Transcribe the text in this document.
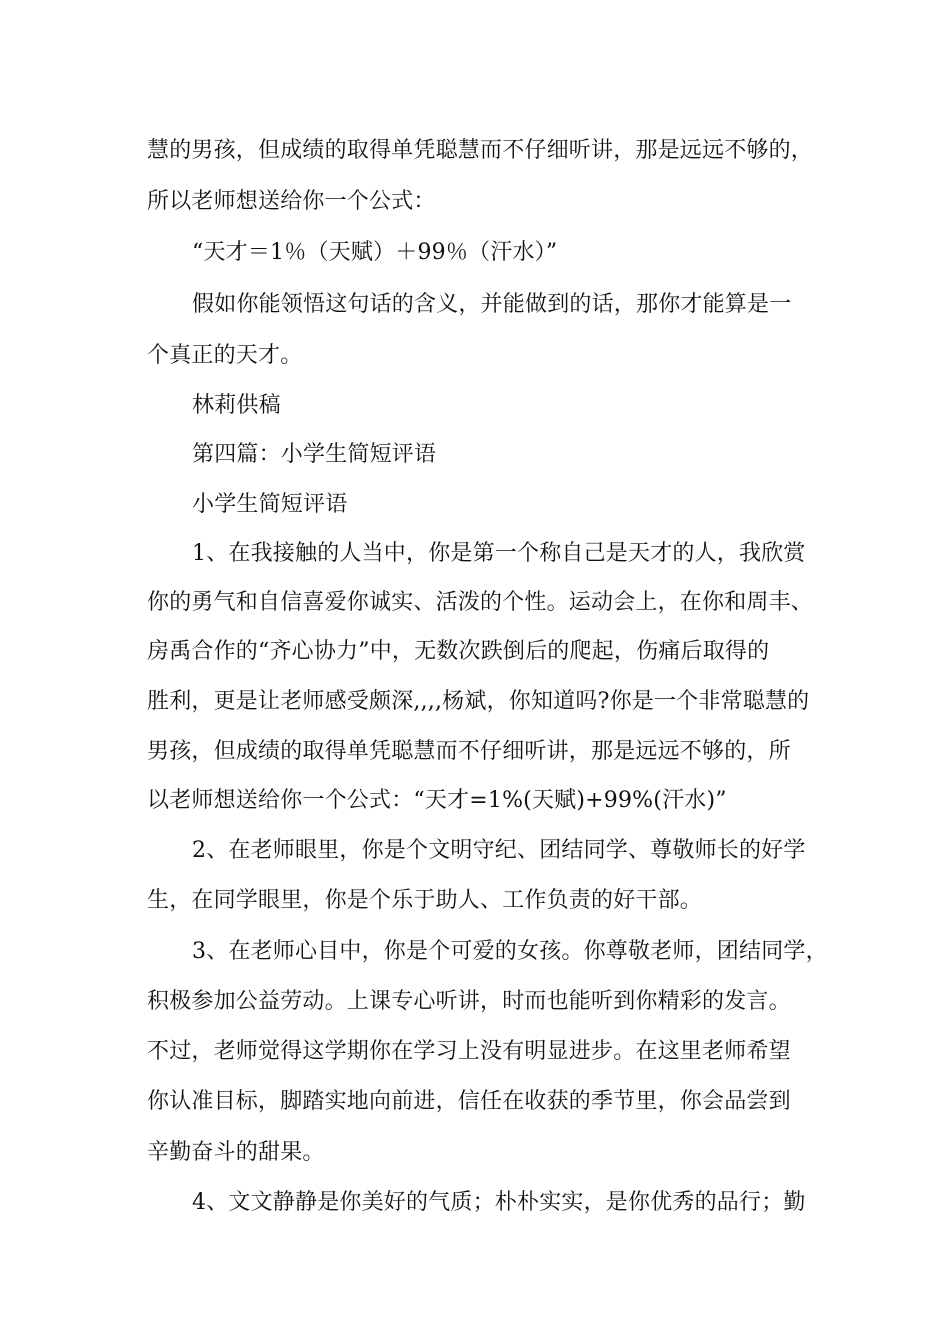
慧的男孩，但成绩的取得单凭聪慧而不仔细听讲，那是远远不够的，
所以老师想送给你一个公式：
“天才＝1％（天赋）＋99％（汗水）”
假如你能领悟这句话的含义，并能做到的话，那你才能算是一
个真正的天才。
林莉供稿
第四篇：小学生简短评语
小学生简短评语
1、在我接触的人当中，你是第一个称自己是天才的人，我欣赏
你的勇气和自信喜爱你诚实、活泼的个性。运动会上，在你和周丰、
房禹合作的“齐心协力”中，无数次跌倒后的爬起，伤痛后取得的
胜利，更是让老师感受颇深,,,,杨斌，你知道吗?你是一个非常聪慧的
男孩，但成绩的取得单凭聪慧而不仔细听讲，那是远远不够的，所
以老师想送给你一个公式：“天才=1%(天赋)+99%(汗水)”
2、在老师眼里，你是个文明守纪、团结同学、尊敬师长的好学
生，在同学眼里，你是个乐于助人、工作负责的好干部。
3、在老师心目中，你是个可爱的女孩。你尊敬老师，团结同学，
积极参加公益劳动。上课专心听讲，时而也能听到你精彩的发言。
不过，老师觉得这学期你在学习上没有明显进步。在这里老师希望
你认准目标，脚踏实地向前进，信任在收获的季节里，你会品尝到
辛勤奋斗的甜果。
4、文文静静是你美好的气质；朴朴实实，是你优秀的品行；勤
